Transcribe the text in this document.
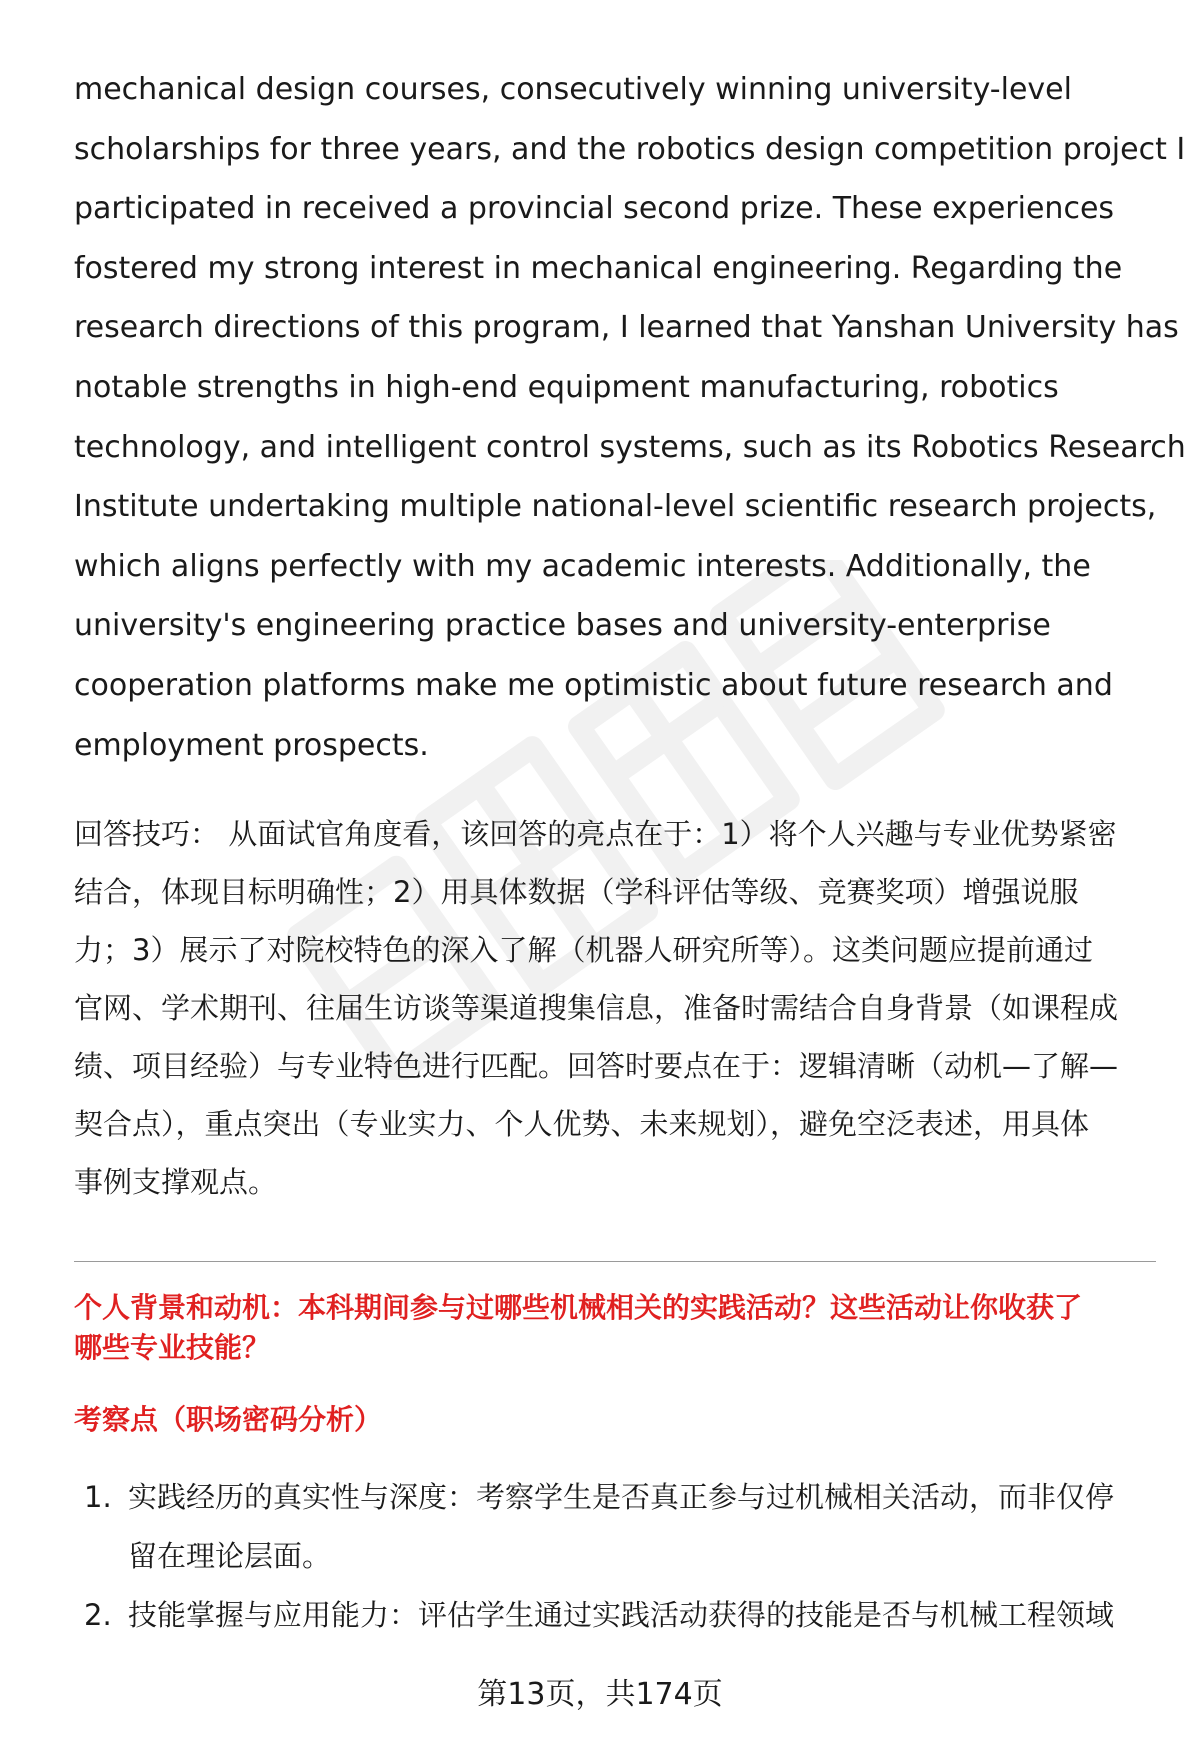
mechanical design courses, consecutively winning university-level
scholarships for three years, and the robotics design competition project I
participated in received a provincial second prize. These experiences
fostered my strong interest in mechanical engineering. Regarding the
research directions of this program, I learned that Yanshan University has
notable strengths in high-end equipment manufacturing, robotics
technology, and intelligent control systems, such as its Robotics Research
Institute undertaking multiple national-level scientific research projects,
which aligns perfectly with my academic interests. Additionally, the
university's engineering practice bases and university-enterprise
cooperation platforms make me optimistic about future research and
employment prospects.
回答技巧： 从面试官角度看，该回答的亮点在于：1）将个人兴趣与专业优势紧密
结合，体现目标明确性；2）用具体数据（学科评估等级、竞赛奖项）增强说服
力；3）展示了对院校特色的深入了解（机器人研究所等）。这类问题应提前通过
官网、学术期刊、往届生访谈等渠道搜集信息，准备时需结合自身背景（如课程成
绩、项目经验）与专业特色进行匹配。回答时要点在于：逻辑清晰（动机—了解—
契合点），重点突出（专业实力、个人优势、未来规划），避免空泛表述，用具体
事例支撑观点。
个人背景和动机：本科期间参与过哪些机械相关的实践活动？这些活动让你收获了
哪些专业技能？
考察点（职场密码分析）
1. 实践经历的真实性与深度：考察学生是否真正参与过机械相关活动，而非仅停
留在理论层面。
2. 技能掌握与应用能力：评估学生通过实践活动获得的技能是否与机械工程领域
第13页，共174页
